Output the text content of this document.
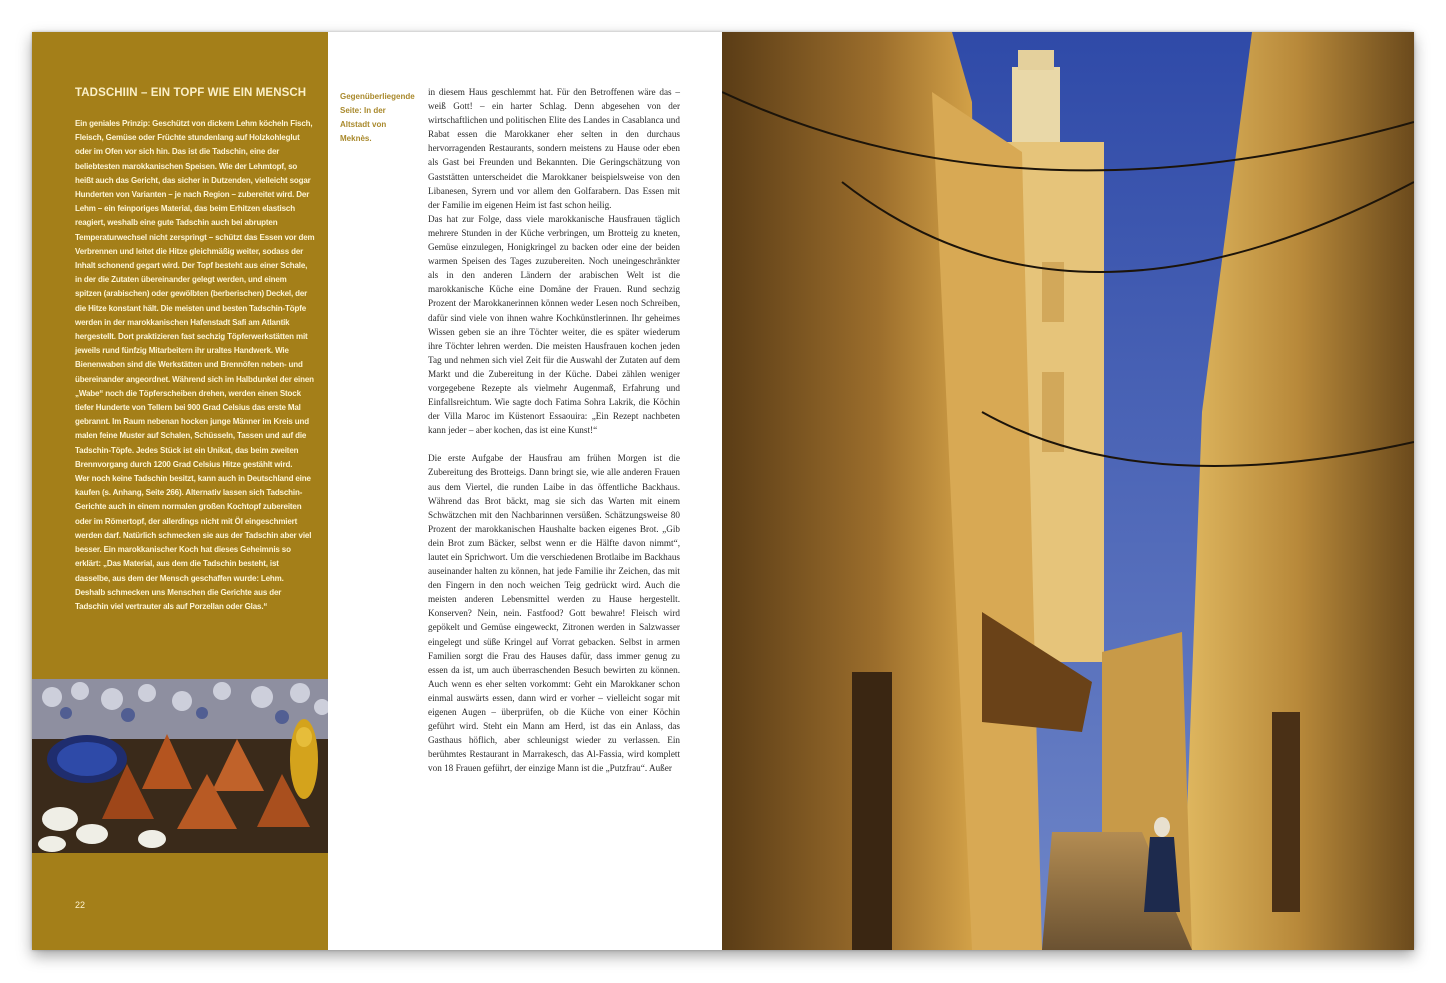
TADSCHIIN – EIN TOPF WIE EIN MENSCH

Ein geniales Prinzip: Geschützt von dickem Lehm köcheln Fisch, Fleisch, Gemüse oder Früchte stundenlang auf Holzkohleglut oder im Ofen vor sich hin. Das ist die Tadschin, eine der beliebtesten marokkanischen Speisen. Wie der Lehmtopf, so heißt auch das Gericht, das sicher in Dutzenden, vielleicht sogar Hunderten von Varianten – je nach Region – zubereitet wird. Der Lehm – ein feinporiges Material, das beim Erhitzen elastisch reagiert, weshalb eine gute Tadschin auch bei abrupten Temperaturwechsel nicht zerspringt – schützt das Essen vor dem Verbrennen und leitet die Hitze gleichmäßig weiter, sodass der Inhalt schonend gegart wird. Der Topf besteht aus einer Schale, in der die Zutaten übereinander gelegt werden, und einem spitzen (arabischen) oder gewölbten (berberischen) Deckel, der die Hitze konstant hält. Die meisten und besten Tadschin-Töpfe werden in der marokkanischen Hafenstadt Safi am Atlantik hergestellt. Dort praktizieren fast sechzig Töpferwerkstätten mit jeweils rund fünfzig Mitarbeitern ihr uraltes Handwerk. Wie Bienenwaben sind die Werkstätten und Brennöfen neben- und übereinander angeordnet. Während sich im Halbdunkel der einen „Wabe“ noch die Töpferscheiben drehen, werden einen Stock tiefer Hunderte von Tellern bei 900 Grad Celsius das erste Mal gebrannt. Im Raum nebenan hocken junge Männer im Kreis und malen feine Muster auf Schalen, Schüsseln, Tassen und auf die Tadschin-Töpfe. Jedes Stück ist ein Unikat, das beim zweiten Brennvorgang durch 1200 Grad Celsius Hitze gestählt wird.

Wer noch keine Tadschin besitzt, kann auch in Deutschland eine kaufen (s. Anhang, Seite 266). Alternativ lassen sich Tadschin-Gerichte auch in einem normalen großen Kochtopf zubereiten oder im Römertopf, der allerdings nicht mit Öl eingeschmiert werden darf. Natürlich schmecken sie aus der Tadschin aber viel besser. Ein marokkanischer Koch hat dieses Geheimnis so erklärt: „Das Material, aus dem die Tadschin besteht, ist dasselbe, aus dem der Mensch geschaffen wurde: Lehm. Deshalb schmecken uns Menschen die Gerichte aus der Tadschin viel vertrauter als auf Porzellan oder Glas.“

22
Gegenüberliegende Seite: In der Altstadt von Meknès.

in diesem Haus geschlemmt hat. Für den Betroffenen wäre das – weiß Gott! – ein harter Schlag. Denn abgesehen von der wirtschaftlichen und politischen Elite des Landes in Casablanca und Rabat essen die Marokkaner eher selten in den durchaus hervorragenden Restaurants, sondern meistens zu Hause oder eben als Gast bei Freunden und Bekannten. Die Geringschätzung von Gaststätten unterscheidet die Marokkaner beispielsweise von den Libanesen, Syrern und vor allem den Golfarabern. Das Essen mit der Familie im eigenen Heim ist fast schon heilig.

Das hat zur Folge, dass viele marokkanische Hausfrauen täglich mehrere Stunden in der Küche verbringen, um Brotteig zu kneten, Gemüse einzulegen, Honigkringel zu backen oder eine der beiden warmen Speisen des Tages zuzubereiten. Noch uneingeschränkter als in den anderen Ländern der arabischen Welt ist die marokkanische Küche eine Domäne der Frauen. Rund sechzig Prozent der Marokkanerinnen können weder Lesen noch Schreiben, dafür sind viele von ihnen wahre Kochkünstlerinnen. Ihr geheimes Wissen geben sie an ihre Töchter weiter, die es später wiederum ihre Töchter lehren werden. Die meisten Hausfrauen kochen jeden Tag und nehmen sich viel Zeit für die Auswahl der Zutaten auf dem Markt und die Zubereitung in der Küche. Dabei zählen weniger vorgegebene Rezepte als vielmehr Augenmaß, Erfahrung und Einfallsreichtum. Wie sagte doch Fatima Sohra Lakrik, die Köchin der Villa Maroc im Küstenort Essaouira: „Ein Rezept nachbeten kann jeder – aber kochen, das ist eine Kunst!“

Die erste Aufgabe der Hausfrau am frühen Morgen ist die Zubereitung des Brotteigs. Dann bringt sie, wie alle anderen Frauen aus dem Viertel, die runden Laibe in das öffentliche Backhaus. Während das Brot bäckt, mag sie sich das Warten mit einem Schwätzchen mit den Nachbarinnen versüßen. Schätzungsweise 80 Prozent der marokkanischen Haushalte backen eigenes Brot. „Gib dein Brot zum Bäcker, selbst wenn er die Hälfte davon nimmt“, lautet ein Sprichwort. Um die verschiedenen Brotlaibe im Backhaus auseinander halten zu können, hat jede Familie ihr Zeichen, das mit den Fingern in den noch weichen Teig gedrückt wird. Auch die meisten anderen Lebensmittel werden zu Hause hergestellt. Konserven? Nein, nein. Fastfood? Gott bewahre! Fleisch wird gepökelt und Gemüse eingeweckt, Zitronen werden in Salzwasser eingelegt und süße Kringel auf Vorrat gebacken. Selbst in armen Familien sorgt die Frau des Hauses dafür, dass immer genug zu essen da ist, um auch überraschenden Besuch bewirten zu können. Auch wenn es eher selten vorkommt: Geht ein Marokkaner schon einmal auswärts essen, dann wird er vorher – vielleicht sogar mit eigenen Augen – überprüfen, ob die Küche von einer Köchin geführt wird. Steht ein Mann am Herd, ist das ein Anlass, das Gasthaus höflich, aber schleunigst wieder zu verlassen. Ein berühmtes Restaurant in Marrakesch, das Al-Fassia, wird komplett von 18 Frauen geführt, der einzige Mann ist die „Putzfrau“. Außer
